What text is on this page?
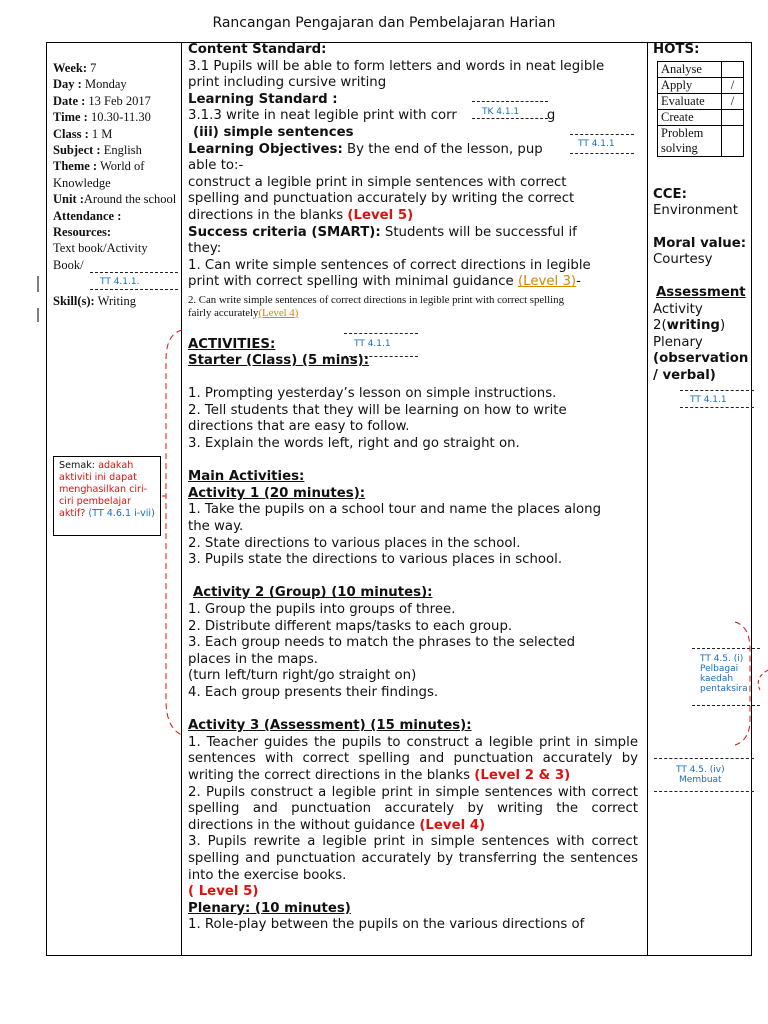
Rancangan Pengajaran dan Pembelajaran Harian
Week: 7
Day : Monday
Date : 13 Feb 2017
Time : 10.30-11.30
Class : 1 M
Subject : English
Theme : World of Knowledge
Unit :Around the school
Attendance :
Resources:
Text book/Activity
Book/
Skill(s): Writing
Content Standard:
3.1 Pupils will be able to form letters and words in neat legible
print including cursive writing
Learning Standard :
3.1.3 write in neat legible print with corr	g
(iii) simple sentences
Learning Objectives: By the end of the lesson, pup
able to:-
construct a legible print in simple sentences with correct
spelling and punctuation accurately by writing the correct
directions in the blanks (Level 5)
Success criteria (SMART): Students will be successful if
they:
1. Can write simple sentences of correct directions in legible
print with correct spelling with minimal guidance (Level 3)-
2. Can write simple sentences of correct directions in legible print with correct spelling
fairly accurately(Level 4)
ACTIVITIES:
Starter (Class) (5 mins):
1. Prompting yesterday’s lesson on simple instructions.
2. Tell students that they will be learning on how to write
directions that are easy to follow.
3. Explain the words left, right and go straight on.
Main Activities:
Activity 1 (20 minutes):
1. Take the pupils on a school tour and name the places along
the way.
2. State directions to various places in the school.
3. Pupils state the directions to various places in school.
Activity 2 (Group) (10 minutes):
1. Group the pupils into groups of three.
2. Distribute different maps/tasks to each group.
3. Each group needs to match the phrases to the selected
places in the maps.
(turn left/turn right/go straight on)
4. Each group presents their findings.
Activity 3 (Assessment) (15 minutes):
1. Teacher guides the pupils to construct a legible print in simple sentences with correct spelling and punctuation accurately by writing the correct directions in the blanks (Level 2 & 3)
2. Pupils construct a legible print in simple sentences with correct spelling and punctuation accurately by writing the correct directions in the without guidance (Level 4)
3. Pupils rewrite a legible print in simple sentences with correct spelling and punctuation accurately by transferring the sentences into the exercise books.
( Level 5)
Plenary: (10 minutes)
1. Role-play between the pupils on the various directions of
HOTS:
Analyse	
Apply	/
Evaluate	/
Create	
Problem solving	
CCE:
Environment
Moral value:
Courtesy
Assessment
Activity
2(writing)
Plenary
(observation
/ verbal)
TK 4.1.1
TT 4.1.1
TT 4.1.1.
TT 4.1.1
TT 4.1.1
TT 4.5. (i)
Pelbagai
kaedah
pentaksira
TT 4.5. (iv)
Membuat
Semak: adakah aktiviti ini dapat menghasilkan ciri-ciri pembelajar aktif? (TT 4.6.1 i-vii)
